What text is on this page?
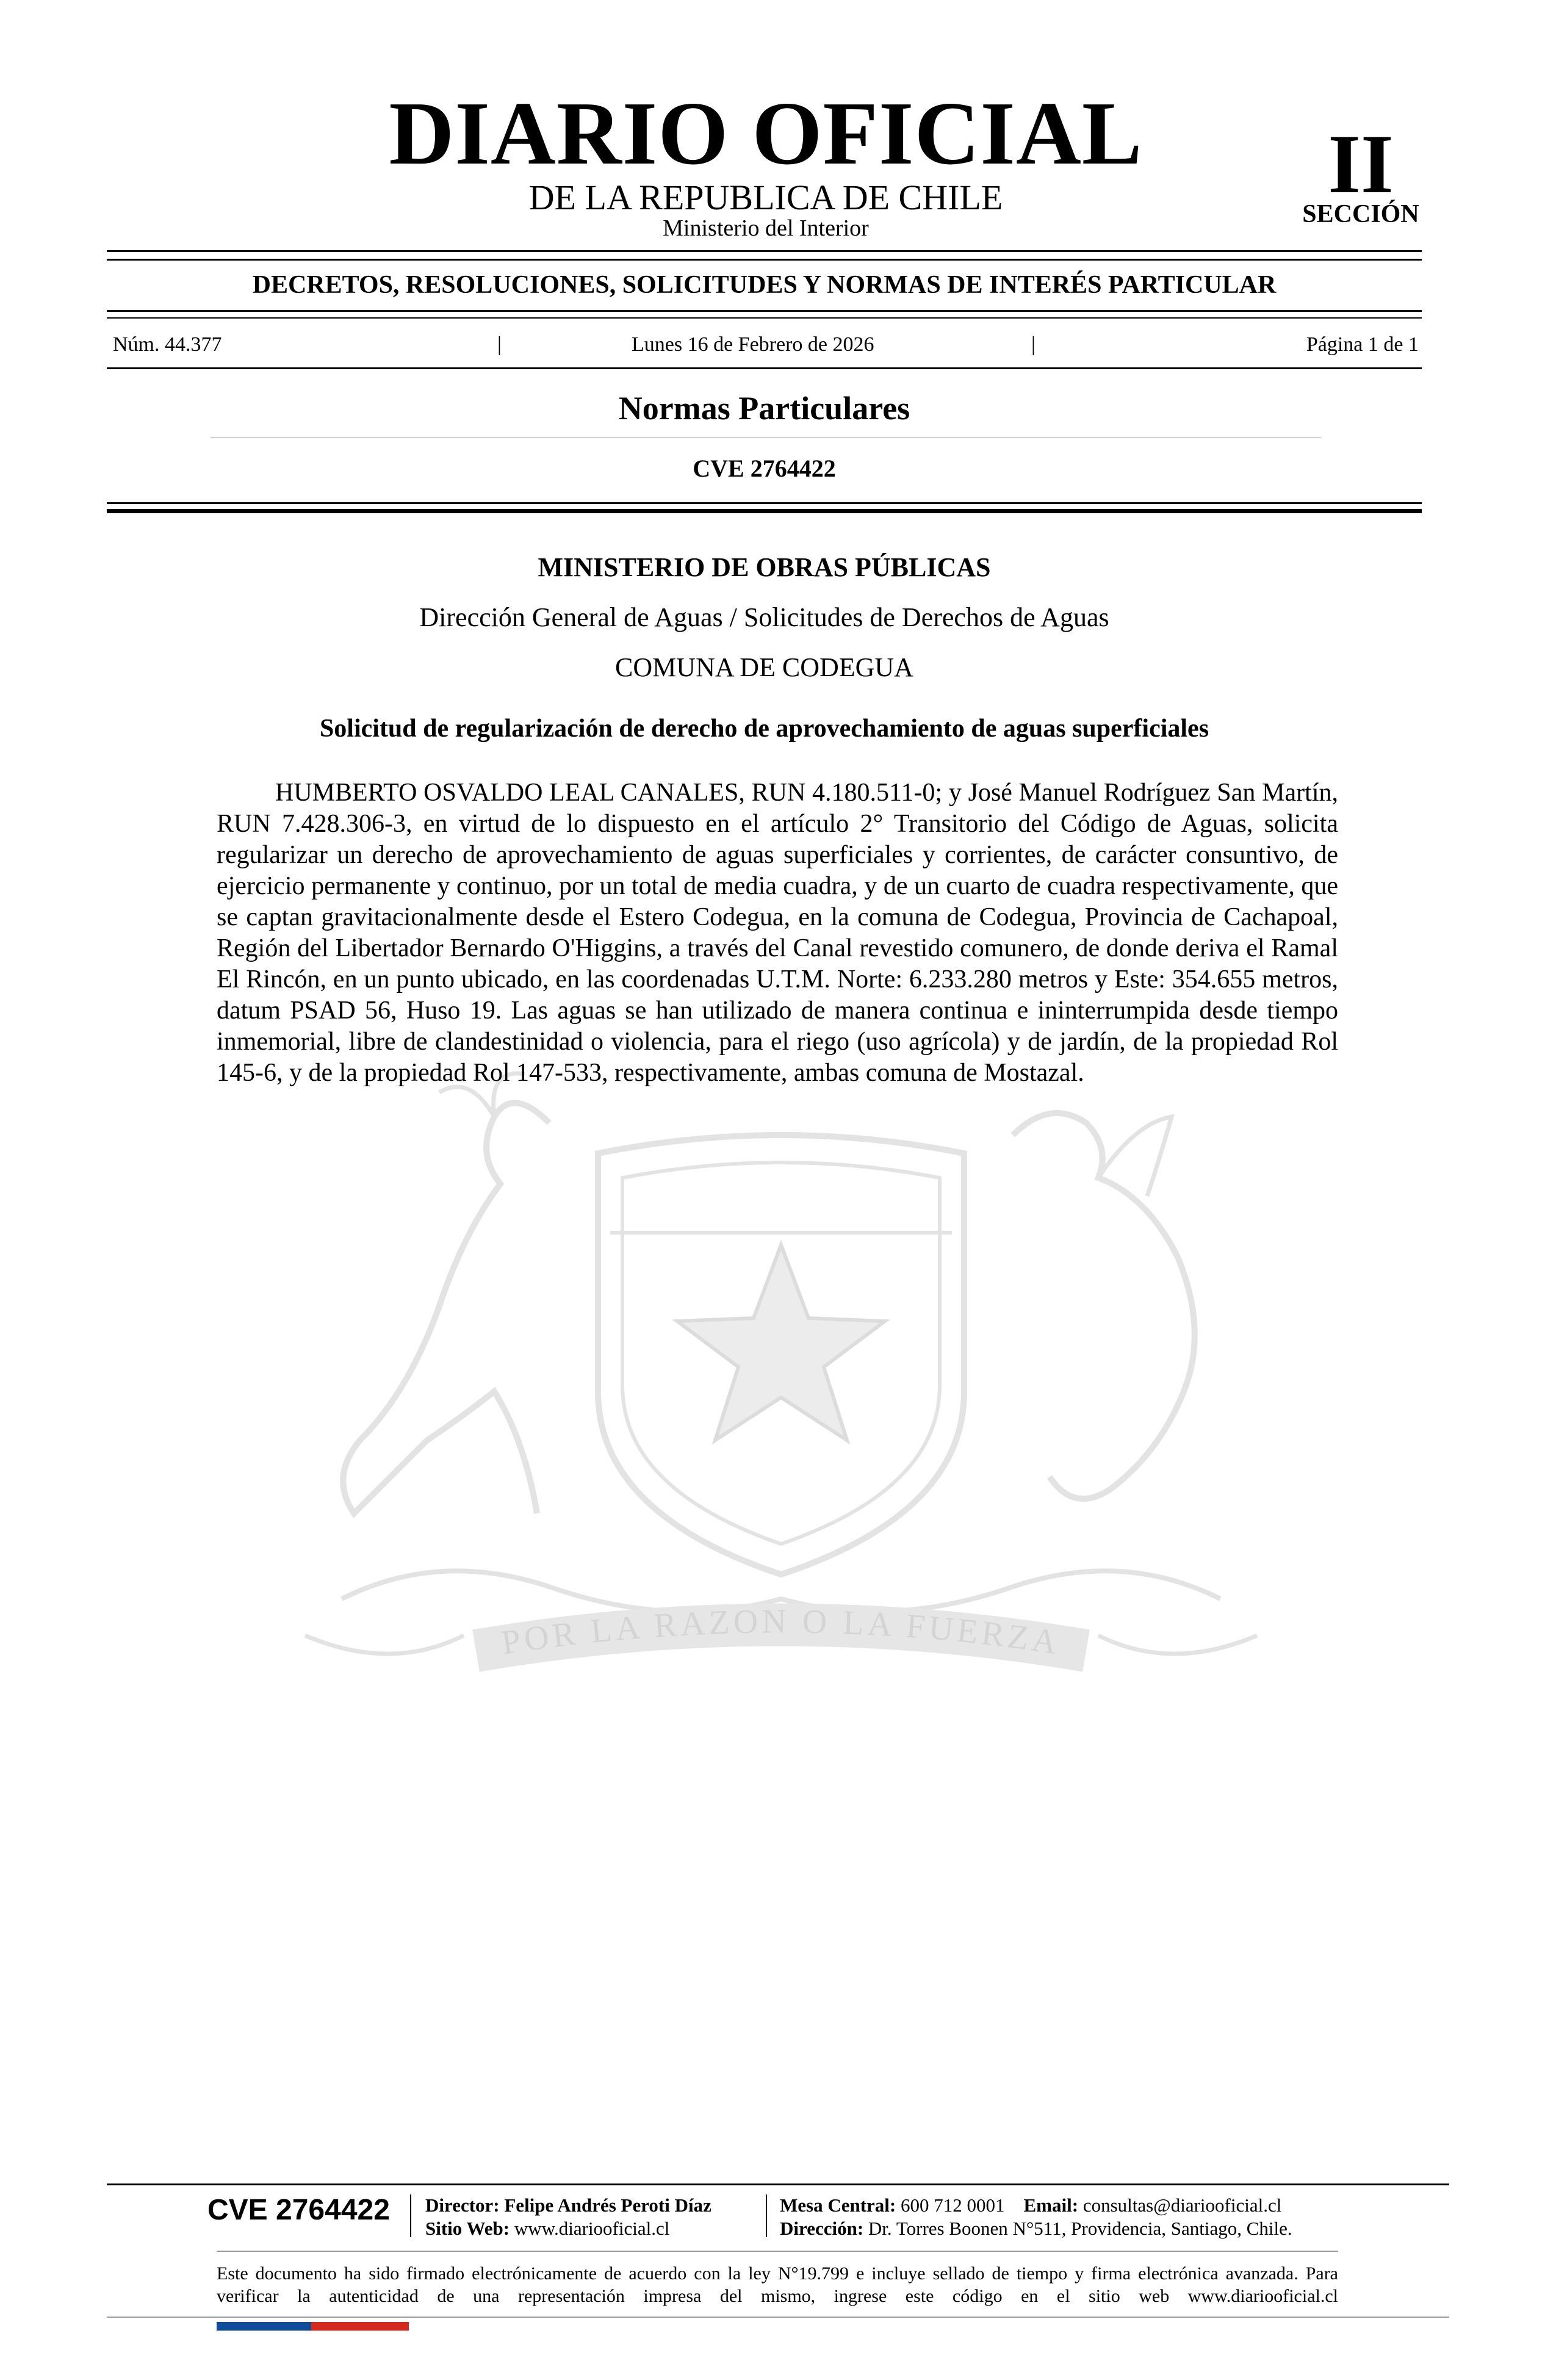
DIARIO OFICIAL
DE LA REPUBLICA DE CHILE
Ministerio del Interior
II
SECCIÓN
DECRETOS, RESOLUCIONES, SOLICITUDES Y NORMAS DE INTERÉS PARTICULAR
Núm. 44.377	|	Lunes 16 de Febrero de 2026	|	Página 1 de 1
Normas Particulares
CVE 2764422
POR LA RAZON O LA FUERZA
MINISTERIO DE OBRAS PÚBLICAS
Dirección General de Aguas / Solicitudes de Derechos de Aguas
COMUNA DE CODEGUA
Solicitud de regularización de derecho de aprovechamiento de aguas superficiales

HUMBERTO OSVALDO LEAL CANALES, RUN 4.180.511-0; y José Manuel Rodríguez San Martín, RUN 7.428.306-3, en virtud de lo dispuesto en el artículo 2° Transitorio del Código de Aguas, solicita regularizar un derecho de aprovechamiento de aguas superficiales y corrientes, de carácter consuntivo, de ejercicio permanente y continuo, por un total de media cuadra, y de un cuarto de cuadra respectivamente, que se captan gravitacionalmente desde el Estero Codegua, en la comuna de Codegua, Provincia de Cachapoal, Región del Libertador Bernardo O'Higgins, a través del Canal revestido comunero, de donde deriva el Ramal El Rincón, en un punto ubicado, en las coordenadas U.T.M. Norte: 6.233.280 metros y Este: 354.655 metros, datum PSAD 56, Huso 19. Las aguas se han utilizado de manera continua e ininterrumpida desde tiempo inmemorial, libre de clandestinidad o violencia, para el riego (uso agrícola) y de jardín, de la propiedad Rol 145-6, y de la propiedad Rol 147-533, respectivamente, ambas comuna de Mostazal.

CVE 2764422	Director: Felipe Andrés Peroti Díaz
Sitio Web: www.diariooficial.cl
Mesa Central: 600 712 0001 Email: consultas@diariooficial.cl
Dirección: Dr. Torres Boonen N°511, Providencia, Santiago, Chile.
Este documento ha sido firmado electrónicamente de acuerdo con la ley N°19.799 e incluye sellado de tiempo y firma electrónica avanzada. Para verificar la autenticidad de una representación impresa del mismo, ingrese este código en el sitio web www.diariooficial.cl
